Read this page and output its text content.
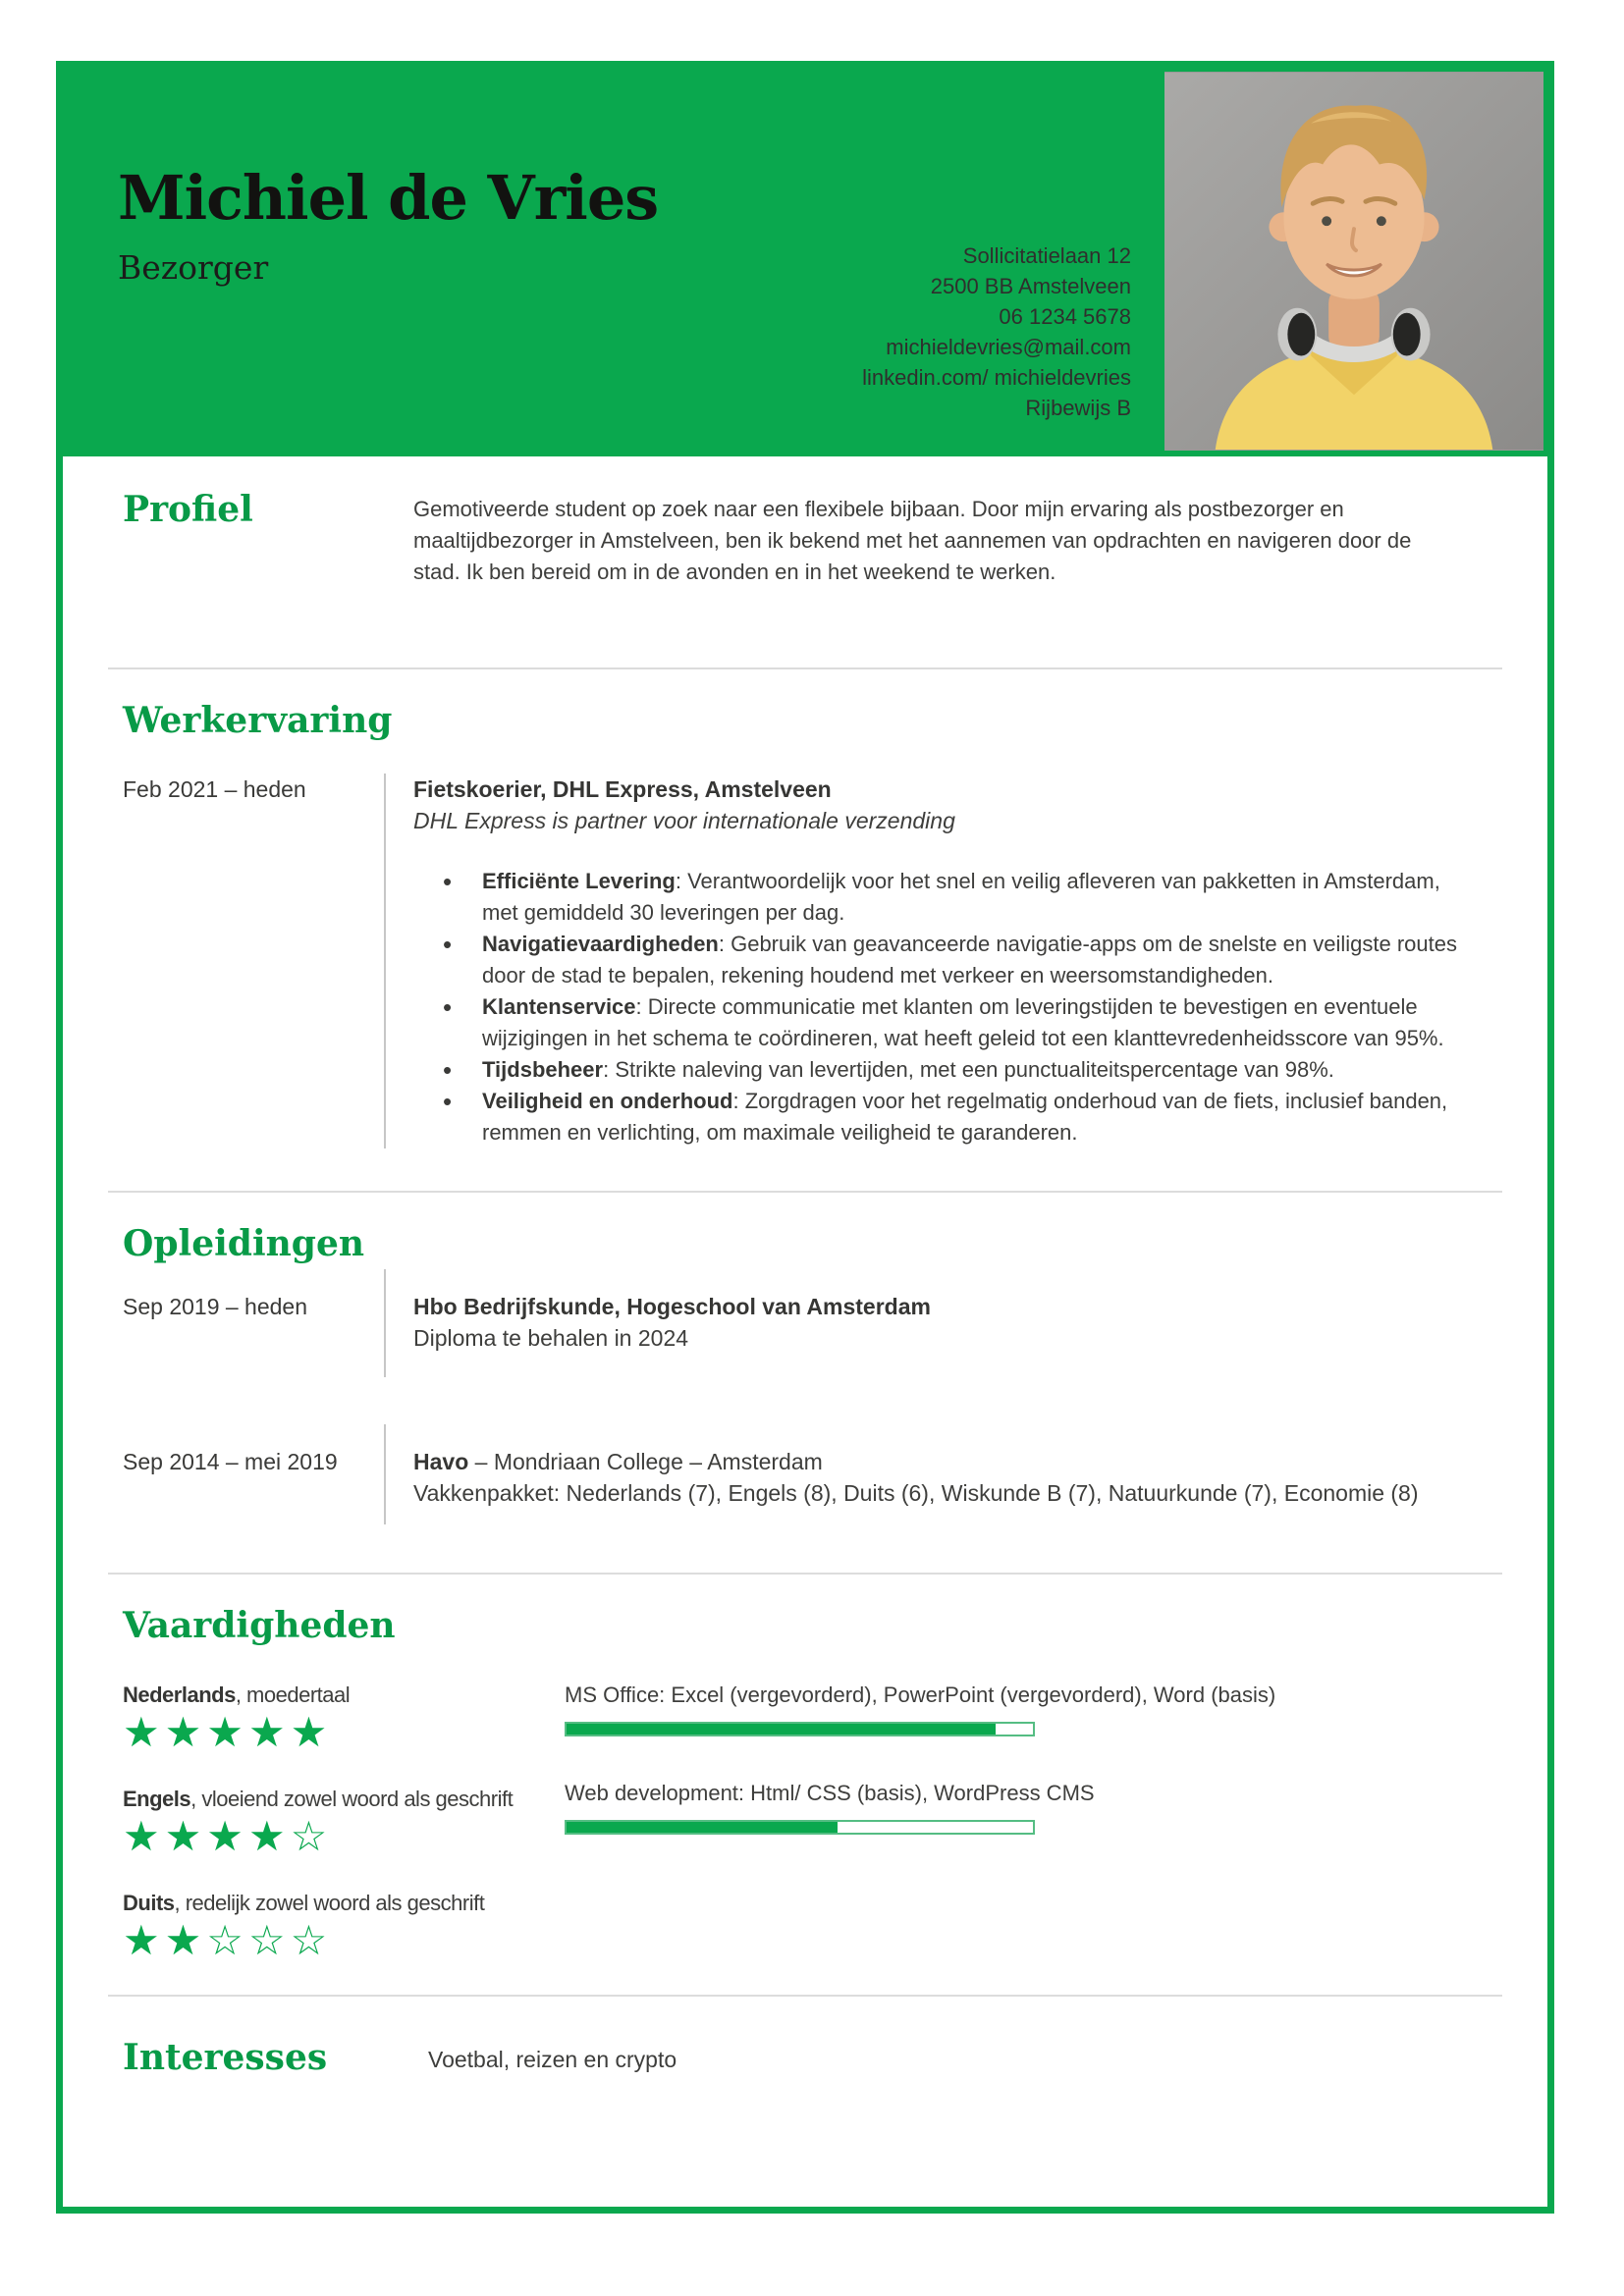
Michiel de Vries
Bezorger	Sollicitatielaan 12
2500 BB Amstelveen
06 1234 5678
michieldevries@mail.com
linkedin.com/ michieldevries
Rijbewijs B
Profiel	Gemotiveerde student op zoek naar een flexibele bijbaan. Door mijn ervaring als postbezorger en maaltijdbezorger in Amstelveen, ben ik bekend met het aannemen van opdrachten en navigeren door de stad. Ik ben bereid om in de avonden en in het weekend te werken.

Werkervaring
Feb 2021 – heden	Fietskoerier, DHL Express, Amstelveen
DHL Express is partner voor internationale verzending
• Efficiënte Levering: Verantwoordelijk voor het snel en veilig afleveren van pakketten in Amsterdam, met gemiddeld 30 leveringen per dag.
• Navigatievaardigheden: Gebruik van geavanceerde navigatie-apps om de snelste en veiligste routes door de stad te bepalen, rekening houdend met verkeer en weersomstandigheden.
• Klantenservice: Directe communicatie met klanten om leveringstijden te bevestigen en eventuele wijzigingen in het schema te coördineren, wat heeft geleid tot een klanttevredenheidsscore van 95%.
• Tijdsbeheer: Strikte naleving van levertijden, met een punctualiteitspercentage van 98%.
• Veiligheid en onderhoud: Zorgdragen voor het regelmatig onderhoud van de fiets, inclusief banden, remmen en verlichting, om maximale veiligheid te garanderen.
Opleidingen
Sep 2019 – heden	Hbo Bedrijfskunde, Hogeschool van Amsterdam
Diploma te behalen in 2024
Sep 2014 – mei 2019	Havo – Mondriaan College – Amsterdam
Vakkenpakket: Nederlands (7), Engels (8), Duits (6), Wiskunde B (7), Natuurkunde (7), Economie (8)
Vaardigheden
Nederlands, moedertaal
★★★★★
Engels, vloeiend zowel woord als geschrift
★★★★☆
Duits, redelijk zowel woord als geschrift
★★☆☆☆
MS Office: Excel (vergevorderd), PowerPoint (vergevorderd), Word (basis)
Web development: Html/ CSS (basis), WordPress CMS
Interesses	Voetbal, reizen en crypto
